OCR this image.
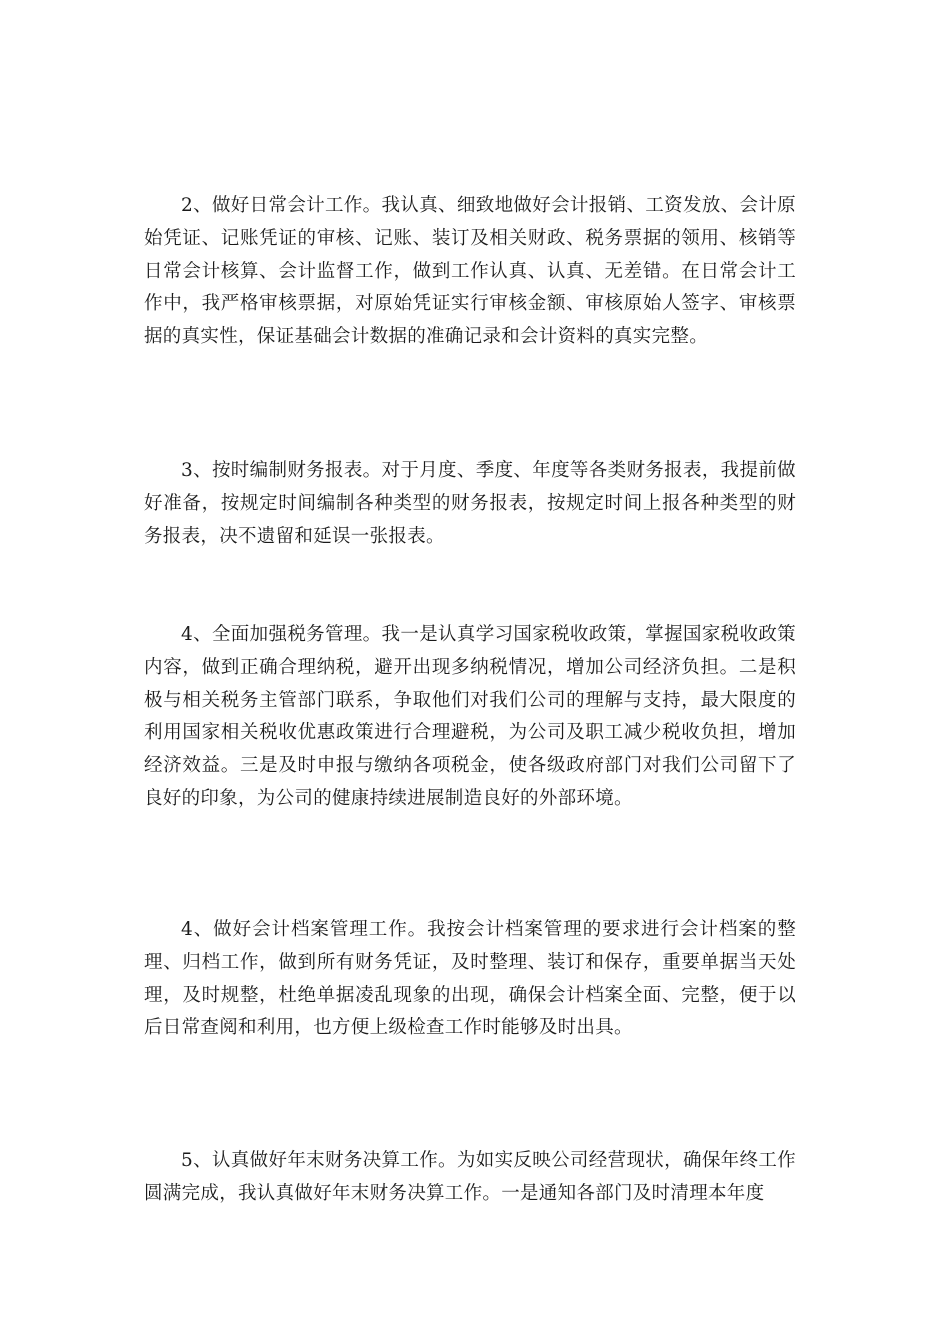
2、做好日常会计工作。我认真、细致地做好会计报销、工资发放、会计原始凭证、记账凭证的审核、记账、装订及相关财政、税务票据的领用、核销等日常会计核算、会计监督工作，做到工作认真、认真、无差错。在日常会计工作中，我严格审核票据，对原始凭证实行审核金额、审核原始人签字、审核票据的真实性，保证基础会计数据的准确记录和会计资料的真实完整。

3、按时编制财务报表。对于月度、季度、年度等各类财务报表，我提前做好准备，按规定时间编制各种类型的财务报表，按规定时间上报各种类型的财务报表，决不遗留和延误一张报表。

4、全面加强税务管理。我一是认真学习国家税收政策，掌握国家税收政策内容，做到正确合理纳税，避开出现多纳税情况，增加公司经济负担。二是积极与相关税务主管部门联系，争取他们对我们公司的理解与支持，最大限度的利用国家相关税收优惠政策进行合理避税，为公司及职工减少税收负担，增加经济效益。三是及时申报与缴纳各项税金，使各级政府部门对我们公司留下了良好的印象，为公司的健康持续进展制造良好的外部环境。

4、做好会计档案管理工作。我按会计档案管理的要求进行会计档案的整理、归档工作，做到所有财务凭证，及时整理、装订和保存，重要单据当天处理，及时规整，杜绝单据凌乱现象的出现，确保会计档案全面、完整，便于以后日常查阅和利用，也方便上级检查工作时能够及时出具。

5、认真做好年末财务决算工作。为如实反映公司经营现状，确保年终工作圆满完成，我认真做好年末财务决算工作。一是通知各部门及时清理本年度
